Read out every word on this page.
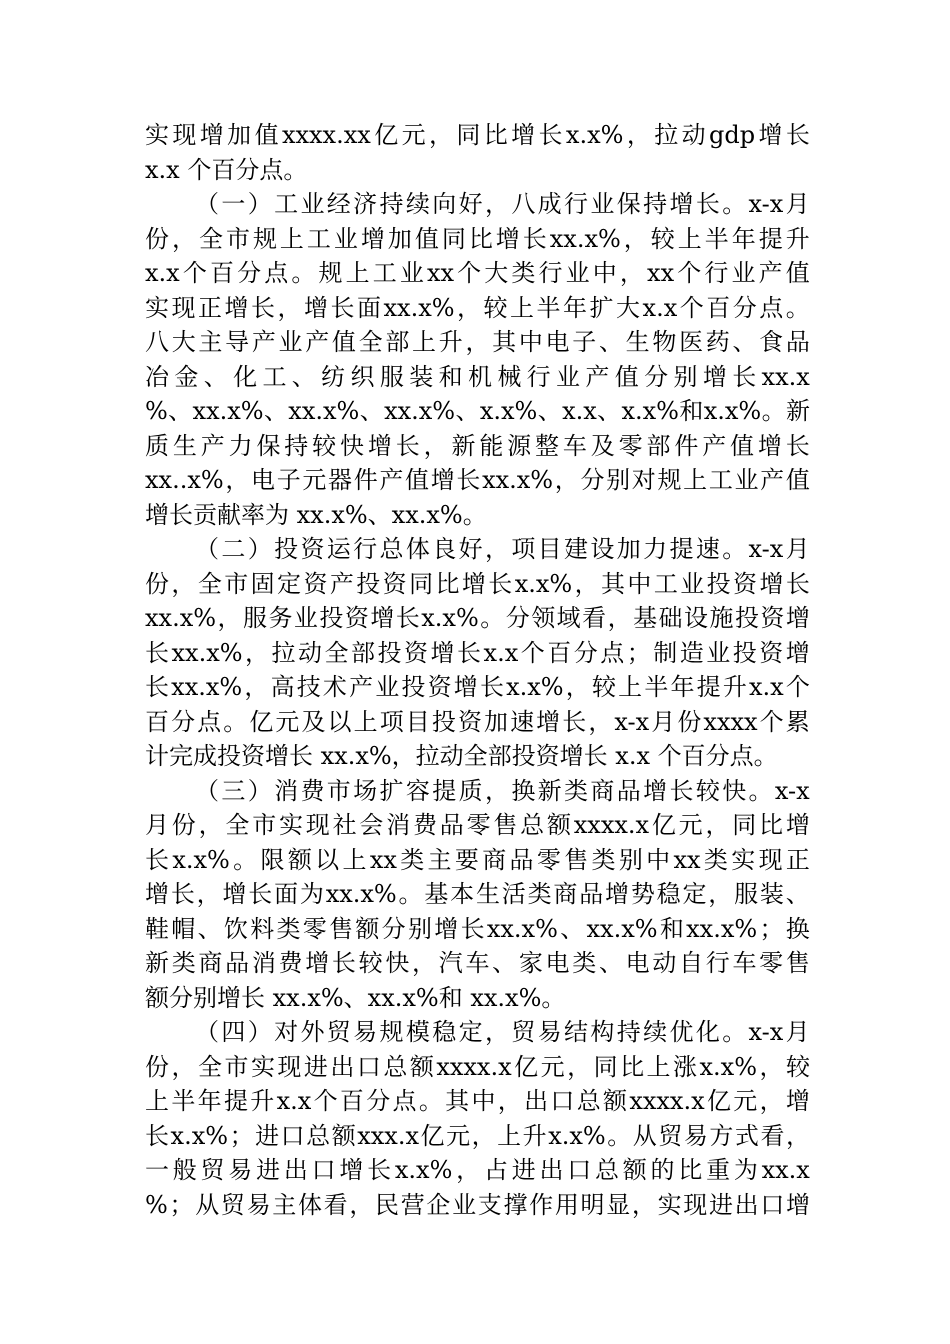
实 现 增 加 值 xxxx.xx 亿 元 ， 同 比 增 长 x.x% ， 拉 动 gdp 增 长
x.x 个百分点。
（ 一 ） 工 业 经 济 持 续 向 好 ， 八 成 行 业 保 持 增 长 。 x-x 月
份 ， 全 市 规 上 工 业 增 加 值 同 比 增 长 xx.x% ， 较 上 半 年 提 升
x.x 个 百 分 点 。 规 上 工 业 xx 个 大 类 行 业 中 ， xx 个 行 业 产 值
实 现 正 增 长 ， 增 长 面 xx.x% ， 较 上 半 年 扩 大 x.x 个 百 分 点 。
八 大 主 导 产 业 产 值 全 部 上 升 ， 其 中 电 子 、 生 物 医 药 、 食 品
冶 金 、 化 工 、 纺 织 服 装 和 机 械 行 业 产 值 分 别 增 长 xx.x
% 、 xx.x% 、 xx.x% 、 xx.x% 、 x.x% 、 x.x 、 x.x% 和 x.x% 。 新
质 生 产 力 保 持 较 快 增 长 ， 新 能 源 整 车 及 零 部 件 产 值 增 长
xx..x% ， 电 子 元 器 件 产 值 增 长 xx.x% ， 分 别 对 规 上 工 业 产 值
增长贡献率为 xx.x%、xx.x%。
（ 二 ） 投 资 运 行 总 体 良 好 ， 项 目 建 设 加 力 提 速 。 x-x 月
份 ， 全 市 固 定 资 产 投 资 同 比 增 长 x.x% ， 其 中 工 业 投 资 增 长
xx.x% ， 服 务 业 投 资 增 长 x.x% 。 分 领 域 看 ， 基 础 设 施 投 资 增
长 xx.x% ， 拉 动 全 部 投 资 增 长 x.x 个 百 分 点 ； 制 造 业 投 资 增
长 xx.x% ， 高 技 术 产 业 投 资 增 长 x.x% ， 较 上 半 年 提 升 x.x 个
百 分 点 。 亿 元 及 以 上 项 目 投 资 加 速 增 长 ， x-x 月 份 xxxx 个 累
计完成投资增长 xx.x%，拉动全部投资增长 x.x 个百分点。
（ 三 ） 消 费 市 场 扩 容 提 质 ， 换 新 类 商 品 增 长 较 快 。 x-x
月 份 ， 全 市 实 现 社 会 消 费 品 零 售 总 额 xxxx.x 亿 元 ， 同 比 增
长 x.x% 。 限 额 以 上 xx 类 主 要 商 品 零 售 类 别 中 xx 类 实 现 正
增 长 ， 增 长 面 为 xx.x% 。 基 本 生 活 类 商 品 增 势 稳 定 ， 服 装 、
鞋 帽 、 饮 料 类 零 售 额 分 别 增 长 xx.x% 、 xx.x% 和 xx.x% ； 换
新 类 商 品 消 费 增 长 较 快 ， 汽 车 、 家 电 类 、 电 动 自 行 车 零 售
额分别增长 xx.x%、xx.x%和 xx.x%。
（ 四 ） 对 外 贸 易 规 模 稳 定 ， 贸 易 结 构 持 续 优 化 。 x-x 月
份 ， 全 市 实 现 进 出 口 总 额 xxxx.x 亿 元 ， 同 比 上 涨 x.x% ， 较
上 半 年 提 升 x.x 个 百 分 点 。 其 中 ， 出 口 总 额 xxxx.x 亿 元 ， 增
长 x.x% ； 进 口 总 额 xxx.x 亿 元 ， 上 升 x.x% 。 从 贸 易 方 式 看 ，
一 般 贸 易 进 出 口 增 长 x.x% ， 占 进 出 口 总 额 的 比 重 为 xx.x
% ； 从 贸 易 主 体 看 ， 民 营 企 业 支 撑 作 用 明 显 ， 实 现 进 出 口 增
